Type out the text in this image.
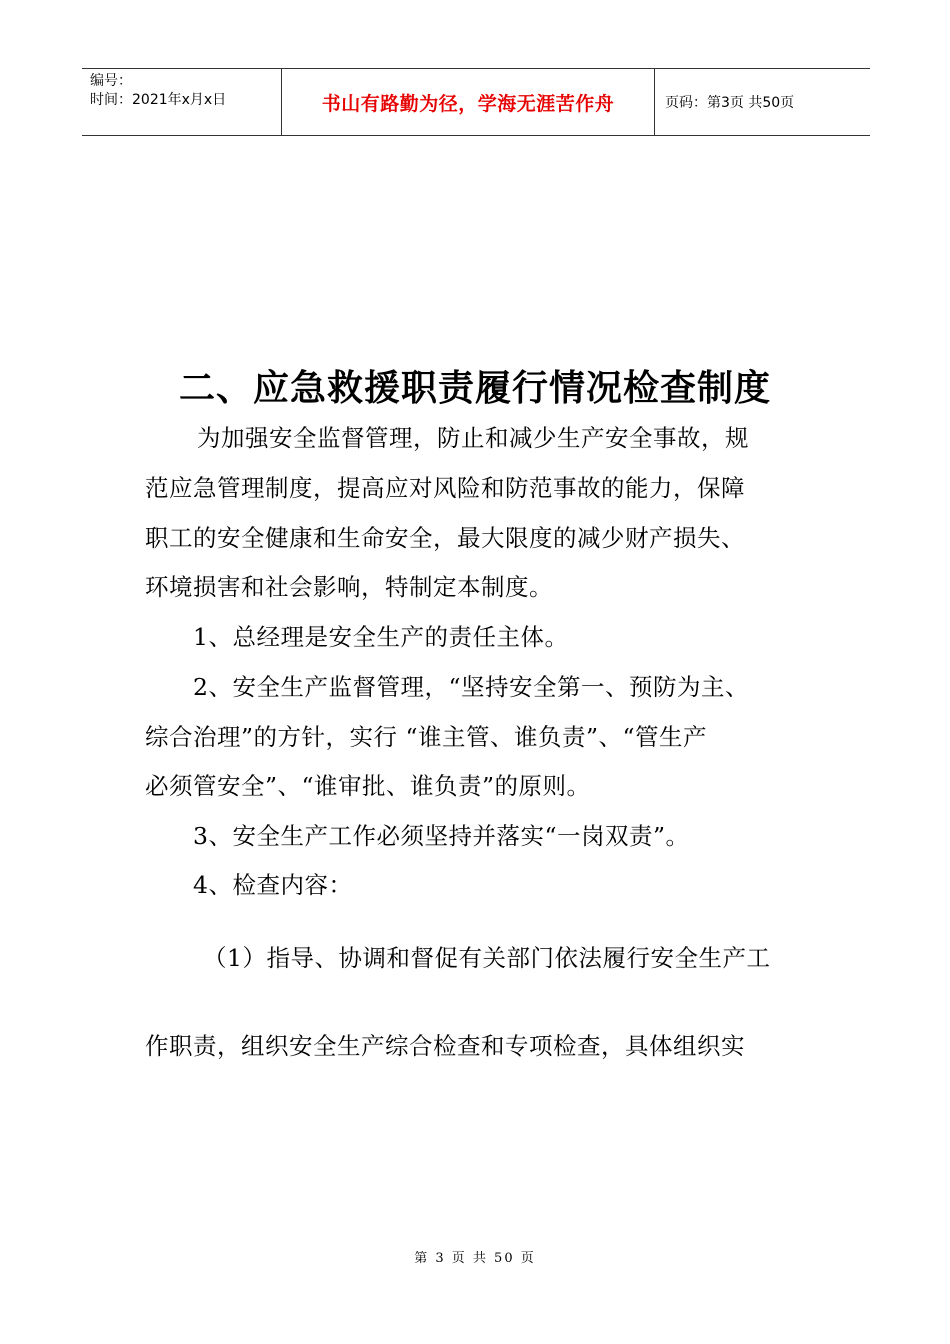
编号：
时间：2021年x月x日	书山有路勤为径，学海无涯苦作舟	页码：第3页 共50页
二、应急救援职责履行情况检查制度
为加强安全监督管理，防止和减少生产安全事故，规
范应急管理制度，提高应对风险和防范事故的能力，保障
职工的安全健康和生命安全，最大限度的减少财产损失、
环境损害和社会影响，特制定本制度。
1、总经理是安全生产的责任主体。
2、安全生产监督管理，“坚持安全第一、预防为主、
综合治理”的方针，实行 “谁主管、谁负责”、“管生产
必须管安全”、“谁审批、谁负责”的原则。
3、安全生产工作必须坚持并落实“一岗双责”。
4、检查内容：
（1）指导、协调和督促有关部门依法履行安全生产工
作职责，组织安全生产综合检查和专项检查，具体组织实
第 3 页 共 50 页
